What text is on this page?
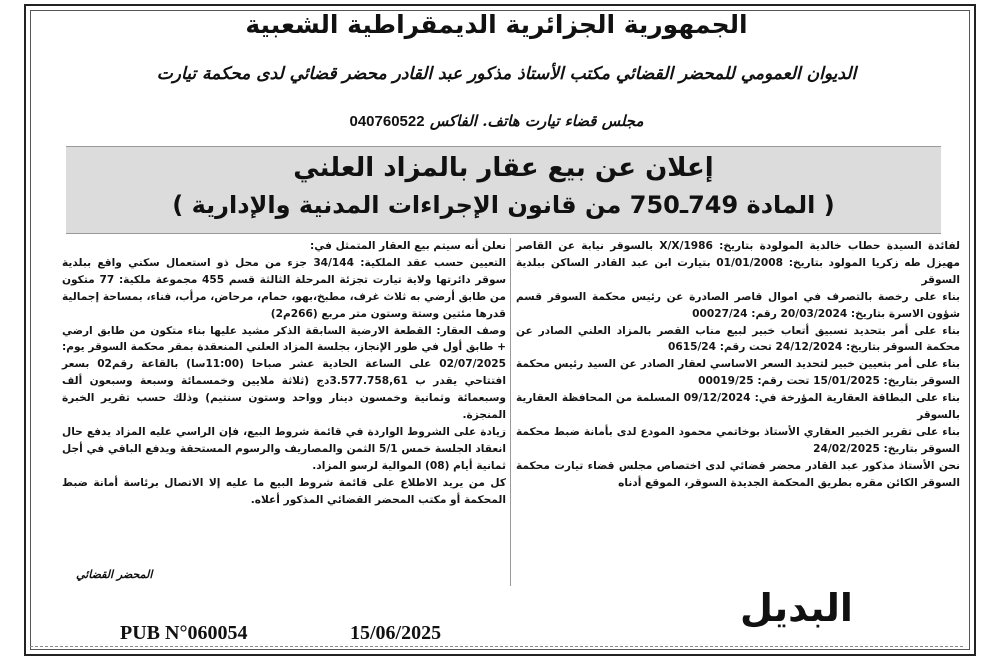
الجمهورية الجزائرية الديمقراطية الشعبية
الديوان العمومي للمحضر القضائي مكتب الأستاذ مذكور عبد القادر محضر قضائي لدى محكمة تيارت
مجلس قضاء تيارت هاتف. الفاكس 040760522
إعلان عن بيع عقار بالمزاد العلني
( المادة 749ـ750 من قانون الإجراءات المدنية والإدارية )

لفائدة السيدة حطاب خالدية المولودة بتاريخ: 1986/X/X بالسوقر نيابة عن القاصر مهيزل طه زكريا المولود بتاريخ: 01/01/2008 بتيارت ابن عبد القادر الساكن ببلدية السوقر

بناء على رخصة بالتصرف في اموال قاصر الصادرة عن رئيس محكمة السوقر قسم شؤون الاسرة بتاريخ: 20/03/2024 رقم: 00027/24

بناء على أمر بتحديد تسبيق أتعاب خبير لبيع مناب القصر بالمزاد العلني الصادر عن محكمة السوقر بتاريخ: 24/12/2024 تحت رقم: 0615/24

بناء على أمر بتعيين خبير لتحديد السعر الاساسي لعقار الصادر عن السيد رئيس محكمة السوقر بتاريخ: 15/01/2025 تحت رقم: 00019/25

بناء على البطاقة العقارية المؤرخة في: 09/12/2024 المسلمة من المحافظة العقارية بالسوقر

بناء على تقرير الخبير العقاري الأستاذ بوخاتمي محمود المودع لدى بأمانة ضبط محكمة السوقر بتاريخ: 24/02/2025

نحن الأستاذ مذكور عبد القادر محضر قضائي لدى اختصاص مجلس قضاء تيارت محكمة السوقر الكائن مقره بطريق المحكمة الجديدة السوقر، الموقع أدناه

نعلن أنه سيتم بيع العقار المتمثل في:

التعيين حسب عقد الملكية: 34/144 جزء من محل ذو استعمال سكني واقع ببلدية سوقر دائرتها ولاية تيارت تجزئة المرحلة الثالثة قسم 455 مجموعة ملكية: 77 متكون من طابق أرضي به ثلاث غرف، مطبخ،بهو، حمام، مرحاض، مرأب، فناء، بمساحة إجمالية قدرها مئتين وستة وستون متر مربع (266م2)

وصف العقار: القطعة الارضية السابقة الذكر مشيد عليها بناء متكون من طابق ارضي + طابق أول في طور الإنجاز، بجلسة المزاد العلني المنعقدة بمقر محكمة السوقر يوم: 02/07/2025 على الساعة الحادية عشر صباحا (11:00سا) بالقاعة رقم02 بسعر افتتاحي يقدر ب 3.577.758,61دج (ثلاثة ملايين وخمسمائة وسبعة وسبعون ألف وسبعمائة وثمانية وخمسون دينار وواحد وستون سنتيم) وذلك حسب تقرير الخبرة المنجزة.

زيادة على الشروط الواردة في قائمة شروط البيع، فإن الراسي عليه المزاد يدفع حال انعقاد الجلسة خمس 5/1 الثمن والمصاريف والرسوم المستحقة ويدفع الباقي في أجل ثمانية أيام (08) الموالية لرسو المزاد.

كل من يريد الاطلاع على قائمة شروط البيع ما عليه إلا الاتصال برئاسة أمانة ضبط المحكمة أو مكتب المحضر القضائي المذكور أعلاه.

المحضر القضائي
البديل
PUB N°060054	15/06/2025
